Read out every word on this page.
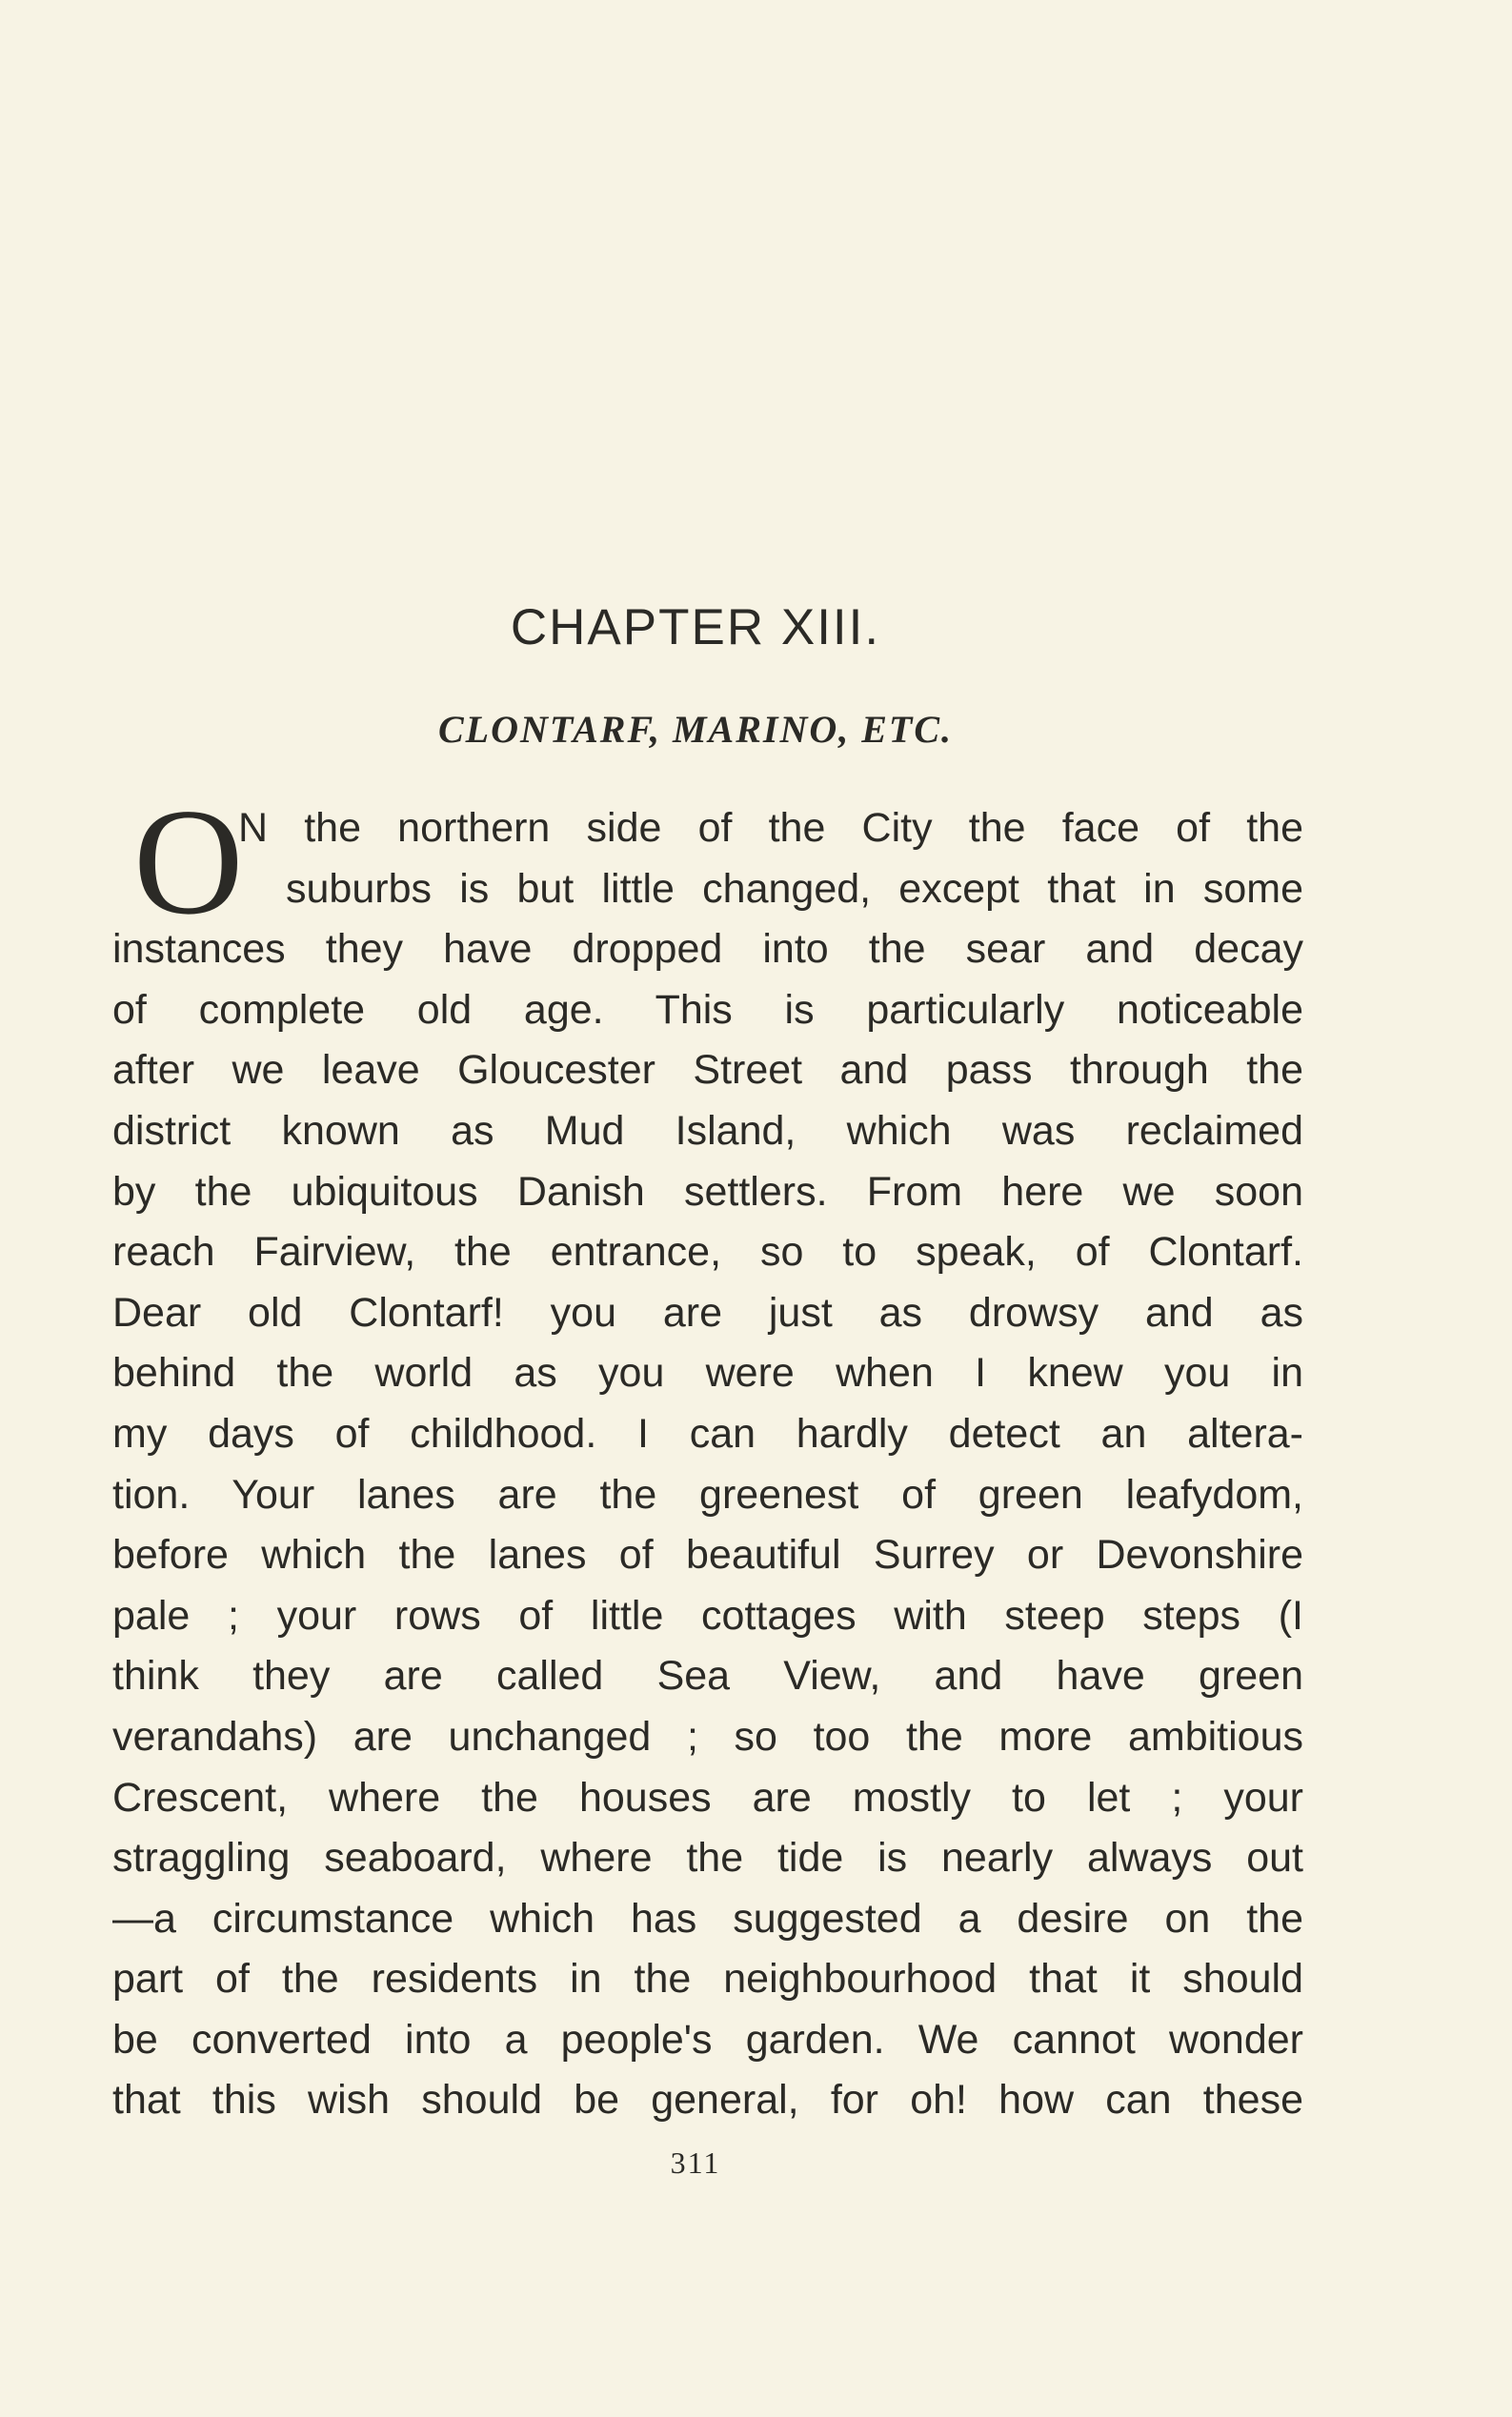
CHAPTER XIII.
CLONTARF, MARINO, ETC.
O
N the northern side of the City the face of the
suburbs is but little changed, except that in some
instances they have dropped into the sear and decay
of complete old age. This is particularly noticeable
after we leave Gloucester Street and pass through the
district known as Mud Island, which was reclaimed
by the ubiquitous Danish settlers. From here we soon
reach Fairview, the entrance, so to speak, of Clontarf.
Dear old Clontarf! you are just as drowsy and as
behind the world as you were when I knew you in
my days of childhood. I can hardly detect an altera-
tion. Your lanes are the greenest of green leafydom,
before which the lanes of beautiful Surrey or Devonshire
pale ; your rows of little cottages with steep steps (I
think they are called Sea View, and have green
verandahs) are unchanged ; so too the more ambitious
Crescent, where the houses are mostly to let ; your
straggling seaboard, where the tide is nearly always out
—a circumstance which has suggested a desire on the
part of the residents in the neighbourhood that it should
be converted into a people's garden. We cannot wonder
that this wish should be general, for oh! how can these
311
